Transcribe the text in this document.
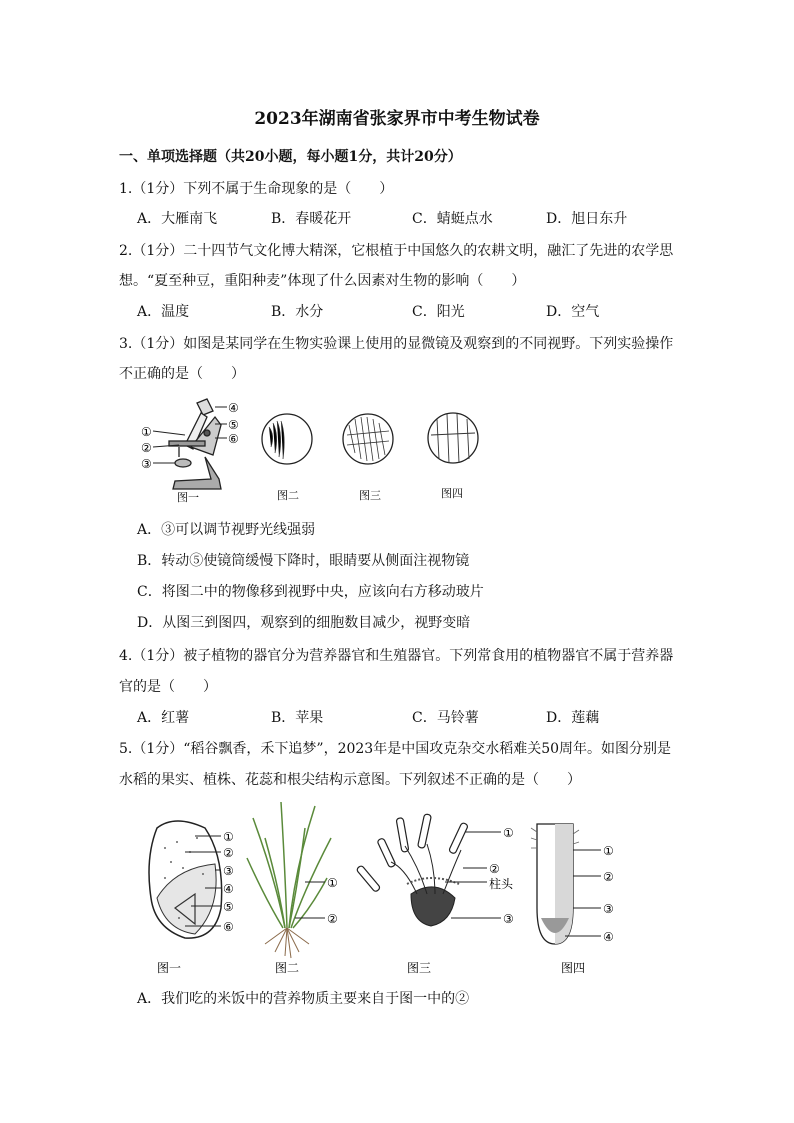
2023年湖南省张家界市中考生物试卷
一、单项选择题（共20小题，每小题1分，共计20分）
1.（1分）下列不属于生命现象的是（　　）
A．大雁南飞	B．春暖花开	C．蜻蜓点水	D．旭日东升
2.（1分）二十四节气文化博大精深，它根植于中国悠久的农耕文明，融汇了先进的农学思
想。“夏至种豆，重阳种麦”体现了什么因素对生物的影响（　　）
A．温度	B．水分	C．阳光	D．空气
3.（1分）如图是某同学在生物实验课上使用的显微镜及观察到的不同视野。下列实验操作
不正确的是（　　）
①
②
③
④
⑤
⑥
图一	图二	图三	图四
A．③可以调节视野光线强弱
B．转动⑤使镜筒缓慢下降时，眼睛要从侧面注视物镜
C．将图二中的物像移到视野中央，应该向右方移动玻片
D．从图三到图四，观察到的细胞数目减少，视野变暗
4.（1分）被子植物的器官分为营养器官和生殖器官。下列常食用的植物器官不属于营养器
官的是（　　）
A．红薯	B．苹果	C．马铃薯	D．莲藕
5.（1分）“稻谷飘香，禾下追梦”，2023年是中国攻克杂交水稻难关50周年。如图分别是
水稻的果实、植株、花蕊和根尖结构示意图。下列叙述不正确的是（　　）
①
②
③
④
⑤
⑥
①
②
①
②
柱头
③
①
②
③
④
图一	图二	图三	图四
A．我们吃的米饭中的营养物质主要来自于图一中的②
